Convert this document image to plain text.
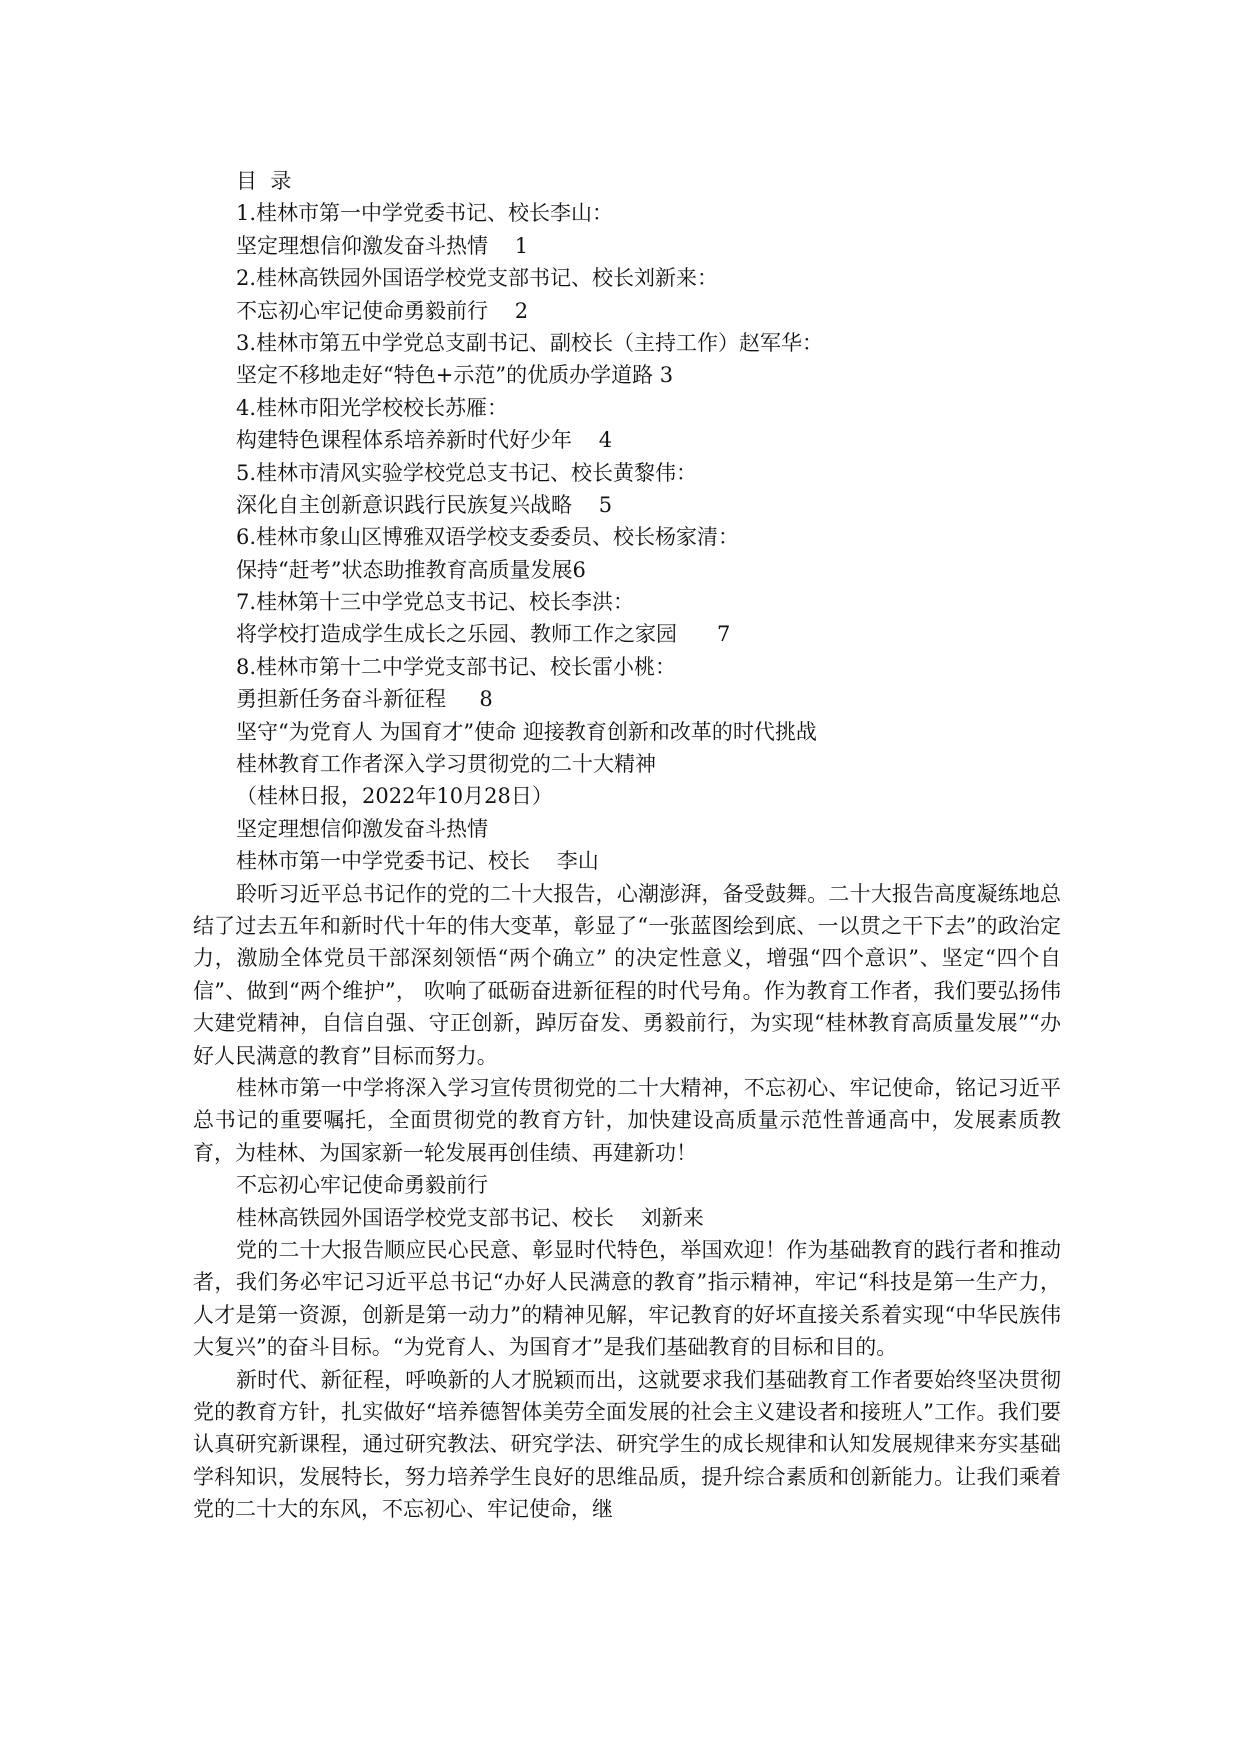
目  录
1.桂林市第一中学党委书记、校长李山：
坚定理想信仰激发奋斗热情    1
2.桂林高铁园外国语学校党支部书记、校长刘新来：
不忘初心牢记使命勇毅前行    2
3.桂林市第五中学党总支副书记、副校长（主持工作）赵军华：
坚定不移地走好“特色+示范”的优质办学道路 3
4.桂林市阳光学校校长苏雁：
构建特色课程体系培养新时代好少年    4
5.桂林市清风实验学校党总支书记、校长黄黎伟：
深化自主创新意识践行民族复兴战略    5
6.桂林市象山区博雅双语学校支委委员、校长杨家清：
保持“赶考”状态助推教育高质量发展6
7.桂林第十三中学党总支书记、校长李洪：
将学校打造成学生成长之乐园、教师工作之家园      7
8.桂林市第十二中学党支部书记、校长雷小桃：
勇担新任务奋斗新征程     8
坚守“为党育人 为国育才”使命 迎接教育创新和改革的时代挑战
桂林教育工作者深入学习贯彻党的二十大精神
（桂林日报，2022年10月28日）
坚定理想信仰激发奋斗热情
桂林市第一中学党委书记、校长    李山

聆听习近平总书记作的党的二十大报告，心潮澎湃，备受鼓舞。二十大报告高度凝练地总结了过去五年和新时代十年的伟大变革，彰显了“一张蓝图绘到底、一以贯之干下去”的政治定力，激励全体党员干部深刻领悟“两个确立” 的决定性意义，增强“四个意识”、坚定“四个自信”、做到“两个维护”， 吹响了砥砺奋进新征程的时代号角。作为教育工作者，我们要弘扬伟大建党精神，自信自强、守正创新，踔厉奋发、勇毅前行，为实现“桂林教育高质量发展”“办好人民满意的教育”目标而努力。

桂林市第一中学将深入学习宣传贯彻党的二十大精神，不忘初心、牢记使命，铭记习近平总书记的重要嘱托，全面贯彻党的教育方针，加快建设高质量示范性普通高中，发展素质教育，为桂林、为国家新一轮发展再创佳绩、再建新功！

不忘初心牢记使命勇毅前行
桂林高铁园外国语学校党支部书记、校长    刘新来

党的二十大报告顺应民心民意、彰显时代特色，举国欢迎！作为基础教育的践行者和推动者，我们务必牢记习近平总书记“办好人民满意的教育”指示精神，牢记“科技是第一生产力，人才是第一资源，创新是第一动力”的精神见解，牢记教育的好坏直接关系着实现“中华民族伟大复兴”的奋斗目标。“为党育人、为国育才”是我们基础教育的目标和目的。

新时代、新征程，呼唤新的人才脱颖而出，这就要求我们基础教育工作者要始终坚决贯彻党的教育方针，扎实做好“培养德智体美劳全面发展的社会主义建设者和接班人”工作。我们要认真研究新课程，通过研究教法、研究学法、研究学生的成长规律和认知发展规律来夯实基础学科知识，发展特长，努力培养学生良好的思维品质，提升综合素质和创新能力。让我们乘着党的二十大的东风，不忘初心、牢记使命，继
